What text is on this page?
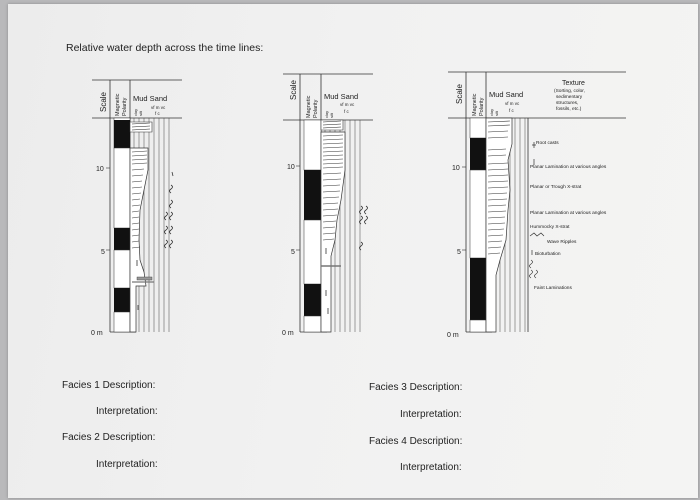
Relative water depth across the time lines:
Scale Magnetic Polarity Mud Sand
vf m vc
f c
clay silt
10
5
0 m
Scale
Magnetic Polarity
Mud Sand
vf m vc
f c
clay silt
10
5
0 m
Scale Magnetic Polarity
Mud Sand
vf m vc
f c
clay silt
Texture
(Sorting, color,
sedimentary
structures,
fossils, etc.)
10
5
0 m
Root casts
Planar Lamination at various angles
Planar or Trough X-strat
Planar Lamination at various angles
Hummocky X-strat
Wave Ripples
Bioturbation
Faint Laminations
Facies 1 Description:
Interpretation:
Facies 2 Description:
Interpretation:
Facies 3 Description:
Interpretation:
Facies 4 Description:
Interpretation:
